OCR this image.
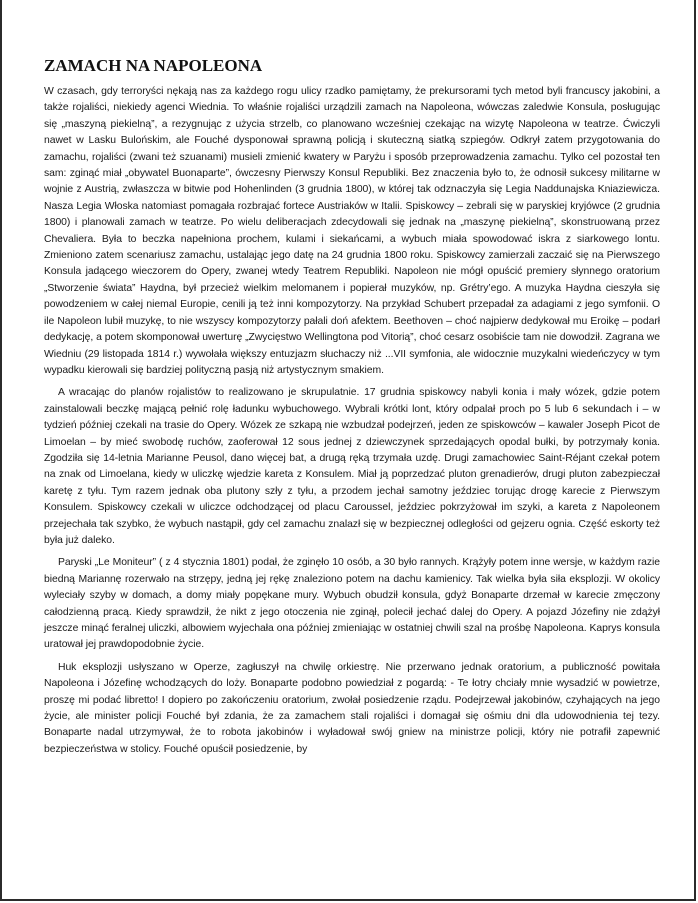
ZAMACH NA NAPOLEONA

W czasach, gdy terroryści nękają nas za każdego rogu ulicy rzadko pamiętamy, że prekursorami tych metod byli francuscy jakobini, a także rojaliści, niekiedy agenci Wiednia. To właśnie rojaliści urządzili zamach na Napoleona, wówczas zaledwie Konsula, posługując się „maszyną piekielną”, a rezygnując z użycia strzelb, co planowano wcześniej czekając na wizytę Napoleona w teatrze. Ćwiczyli nawet w Lasku Bulońskim, ale Fouché dysponował sprawną policją i skuteczną siatką szpiegów. Odkrył zatem przygotowania do zamachu, rojaliści (zwani też szuanami) musieli zmienić kwatery w Paryżu i sposób przeprowadzenia zamachu. Tylko cel pozostał ten sam: zginąć miał „obywatel Buonaparte”, ówczesny Pierwszy Konsul Republiki. Bez znaczenia było to, że odnosił sukcesy militarne w wojnie z Austrią, zwłaszcza w bitwie pod Hohenlinden (3 grudnia 1800), w której tak odznaczyła się Legia Naddunajska Kniaziewicza. Nasza Legia Włoska natomiast pomagała rozbrajać fortece Austriaków w Italii. Spiskowcy – zebrali się w paryskiej kryjówce (2 grudnia 1800) i planowali zamach w teatrze. Po wielu deliberacjach zdecydowali się jednak na „maszynę piekielną”, skonstruowaną przez Chevaliera. Była to beczka napełniona prochem, kulami i siekańcami, a wybuch miała spowodować iskra z siarkowego lontu. Zmieniono zatem scenariusz zamachu, ustalając jego datę na 24 grudnia 1800 roku. Spiskowcy zamierzali zaczaić się na Pierwszego Konsula jadącego wieczorem do Opery, zwanej wtedy Teatrem Republiki. Napoleon nie mógł opuścić premiery słynnego oratorium „Stworzenie świata” Haydna, był przecież wielkim melomanem i popierał muzyków, np. Grétry’ego. A muzyka Haydna cieszyła się powodzeniem w całej niemal Europie, cenili ją też inni kompozytorzy. Na przykład Schubert przepadał za adagiami z jego symfonii. O ile Napoleon lubił muzykę, to nie wszyscy kompozytorzy pałali doń afektem. Beethoven – choć najpierw dedykował mu Eroikę – podarł dedykację, a potem skomponował uwerturę „Zwycięstwo Wellingtona pod Vitorią”, choć cesarz osobiście tam nie dowodził. Zagrana we Wiedniu (29 listopada 1814 r.) wywołała większy entuzjazm słuchaczy niż ...VII symfonia, ale widocznie muzykalni wiedeńczycy w tym wypadku kierowali się bardziej polityczną pasją niż artystycznym smakiem.

A wracając do planów rojalistów to realizowano je skrupulatnie. 17 grudnia spiskowcy nabyli konia i mały wózek, gdzie potem zainstalowali beczkę mającą pełnić rolę ładunku wybuchowego. Wybrali krótki lont, który odpalał proch po 5 lub 6 sekundach i – w tydzień później czekali na trasie do Opery. Wózek ze szkapą nie wzbudzał podejrzeń, jeden ze spiskowców – kawaler Joseph Picot de Limoelan – by mieć swobodę ruchów, zaoferował 12 sous jednej z dziewczynek sprzedających opodal bułki, by potrzymały konia. Zgodziła się 14-letnia Marianne Peusol, dano więcej bat, a drugą ręką trzymała uzdę. Drugi zamachowiec Saint-Réjant czekał potem na znak od Limoelana, kiedy w uliczkę wjedzie kareta z Konsulem. Miał ją poprzedzać pluton grenadierów, drugi pluton zabezpieczał karetę z tyłu. Tym razem jednak oba plutony szły z tyłu, a przodem jechał samotny jeździec torując drogę karecie z Pierwszym Konsulem. Spiskowcy czekali w uliczce odchodzącej od placu Caroussel, jeździec pokrzyżował im szyki, a kareta z Napoleonem przejechała tak szybko, że wybuch nastąpił, gdy cel zamachu znalazł się w bezpiecznej odległości od gejzeru ognia. Część eskorty też była już daleko.

Paryski „Le Moniteur” ( z 4 stycznia 1801) podał, że zginęło 10 osób, a 30 było rannych. Krążyły potem inne wersje, w każdym razie biedną Mariannę rozerwało na strzępy, jedną jej rękę znaleziono potem na dachu kamienicy. Tak wielka była siła eksplozji. W okolicy wyleciały szyby w domach, a domy miały popękane mury. Wybuch obudził konsula, gdyż Bonaparte drzemał w karecie zmęczony całodzienną pracą. Kiedy sprawdził, że nikt z jego otoczenia nie zginął, polecił jechać dalej do Opery. A pojazd Józefiny nie zdążył jeszcze minąć feralnej uliczki, albowiem wyjechała ona później zmieniając w ostatniej chwili szal na prośbę Napoleona. Kaprys konsula uratował jej prawdopodobnie życie.

Huk eksplozji usłyszano w Operze, zagłuszył na chwilę orkiestrę. Nie przerwano jednak oratorium, a publiczność powitała Napoleona i Józefinę wchodzących do loży. Bonaparte podobno powiedział z pogardą: - Te łotry chciały mnie wysadzić w powietrze, proszę mi podać libretto! I dopiero po zakończeniu oratorium, zwołał posiedzenie rządu. Podejrzewał jakobinów, czyhających na jego życie, ale minister policji Fouché był zdania, że za zamachem stali rojaliści i domagał się ośmiu dni dla udowodnienia tej tezy. Bonaparte nadal utrzymywał, że to robota jakobinów i wyładował swój gniew na ministrze policji, który nie potrafił zapewnić bezpieczeństwa w stolicy. Fouché opuścił posiedzenie, by
